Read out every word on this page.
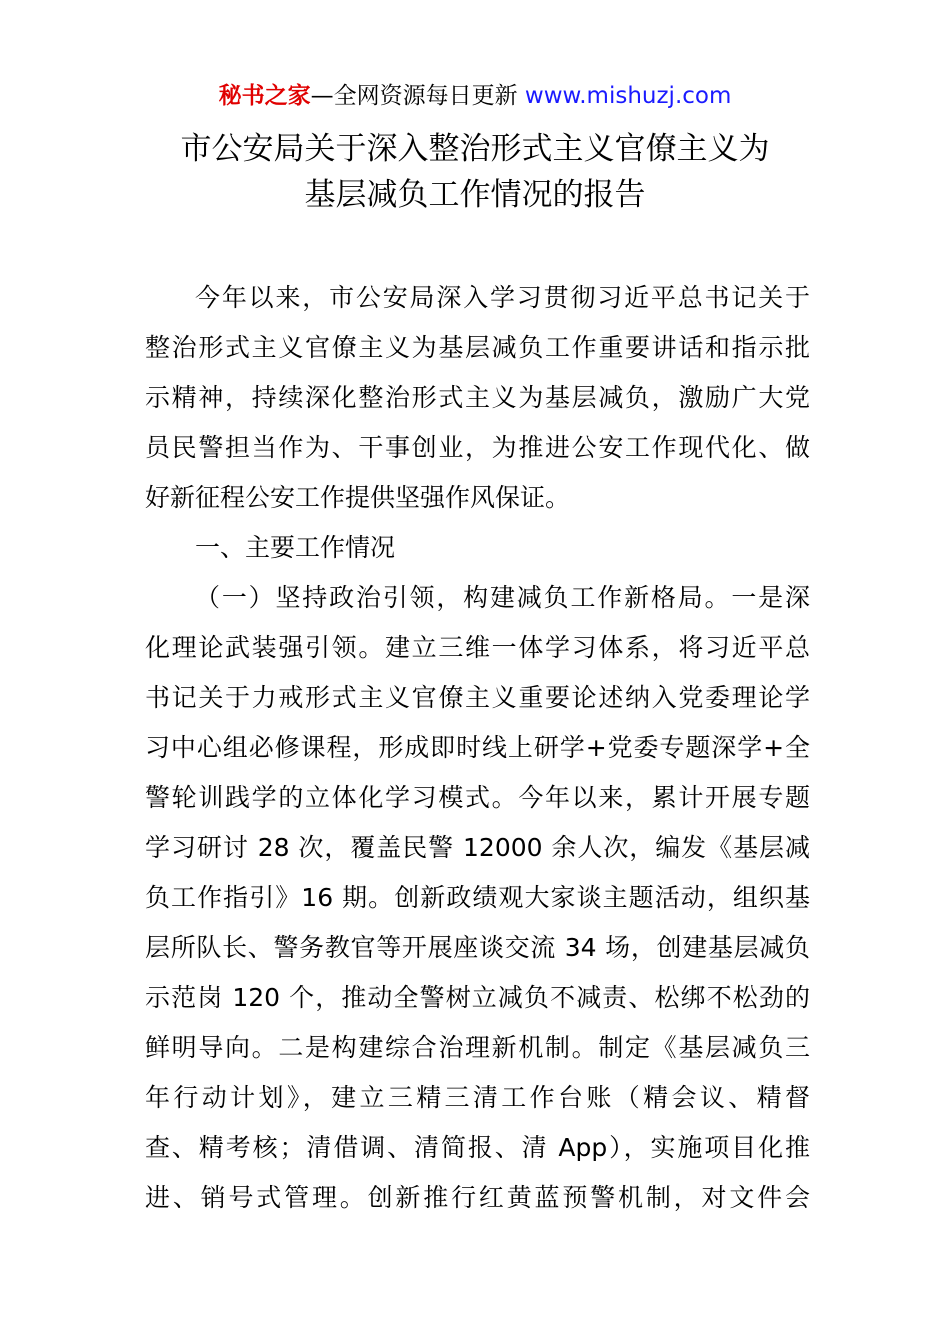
秘书之家—全网资源每日更新 www.mishuzj.com
市公安局关于深入整治形式主义官僚主义为
基层减负工作情况的报告
今年以来，市公安局深入学习贯彻习近平总书记关于
整治形式主义官僚主义为基层减负工作重要讲话和指示批
示精神，持续深化整治形式主义为基层减负，激励广大党
员民警担当作为、干事创业，为推进公安工作现代化、做
好新征程公安工作提供坚强作风保证。
一、主要工作情况
（一）坚持政治引领，构建减负工作新格局。一是深
化理论武装强引领。建立三维一体学习体系，将习近平总
书记关于力戒形式主义官僚主义重要论述纳入党委理论学
习中心组必修课程，形成即时线上研学+党委专题深学+全
警轮训践学的立体化学习模式。今年以来，累计开展专题
学习研讨 28 次，覆盖民警 12000 余人次，编发《基层减
负工作指引》16 期。创新政绩观大家谈主题活动，组织基
层所队长、警务教官等开展座谈交流 34 场，创建基层减负
示范岗 120 个，推动全警树立减负不减责、松绑不松劲的
鲜明导向。二是构建综合治理新机制。制定《基层减负三
年行动计划》，建立三精三清工作台账（精会议、精督
查、精考核；清借调、清简报、清 App），实施项目化推
进、销号式管理。创新推行红黄蓝预警机制，对文件会
